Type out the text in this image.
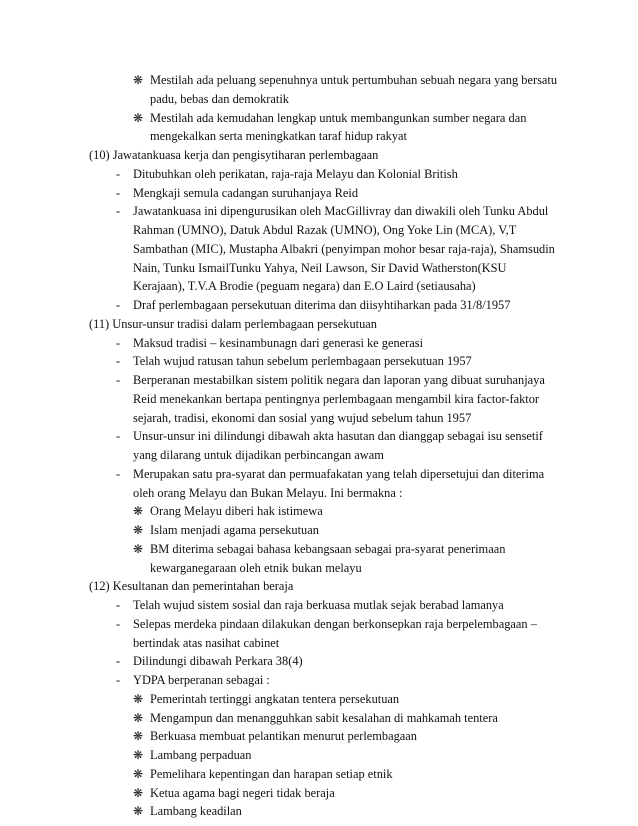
❋ Mestilah ada peluang sepenuhnya untuk pertumbuhan sebuah negara yang bersatu
padu, bebas dan demokratik
❋ Mestilah ada kemudahan lengkap untuk membangunkan sumber negara dan
mengekalkan serta meningkatkan taraf hidup rakyat
(10) Jawatankuasa kerja dan pengisytiharan perlembagaan
- Ditubuhkan oleh perikatan, raja-raja Melayu dan Kolonial British
- Mengkaji semula cadangan suruhanjaya Reid
- Jawatankuasa ini dipengurusikan oleh MacGillivray dan diwakili oleh Tunku Abdul
Rahman (UMNO), Datuk Abdul Razak (UMNO), Ong Yoke Lin (MCA), V,T
Sambathan (MIC), Mustapha Albakri (penyimpan mohor besar raja-raja), Shamsudin
Nain, Tunku IsmailTunku Yahya, Neil Lawson, Sir David Watherston(KSU
Kerajaan), T.V.A Brodie (peguam negara) dan E.O Laird (setiausaha)
- Draf perlembagaan persekutuan diterima dan diisyhtiharkan pada 31/8/1957
(11) Unsur-unsur tradisi dalam perlembagaan persekutuan
- Maksud tradisi – kesinambunagn dari generasi ke generasi
- Telah wujud ratusan tahun sebelum perlembagaan persekutuan 1957
- Berperanan mestabilkan sistem politik negara dan laporan yang dibuat suruhanjaya
Reid menekankan bertapa pentingnya perlembagaan mengambil kira factor-faktor
sejarah, tradisi, ekonomi dan sosial yang wujud sebelum tahun 1957
- Unsur-unsur ini dilindungi dibawah akta hasutan dan dianggap sebagai isu sensetif
yang dilarang untuk dijadikan perbincangan awam
- Merupakan satu pra-syarat dan permuafakatan yang telah dipersetujui dan diterima
oleh orang Melayu dan Bukan Melayu. Ini bermakna :
❋ Orang Melayu diberi hak istimewa
❋ Islam menjadi agama persekutuan
❋ BM diterima sebagai bahasa kebangsaan sebagai pra-syarat penerimaan
kewarganegaraan oleh etnik bukan melayu
(12) Kesultanan dan pemerintahan beraja
- Telah wujud sistem sosial dan raja berkuasa mutlak sejak berabad lamanya
- Selepas merdeka pindaan dilakukan dengan berkonsepkan raja berpelembagaan –
bertindak atas nasihat cabinet
- Dilindungi dibawah Perkara 38(4)
- YDPA berperanan sebagai :
❋ Pemerintah tertinggi angkatan tentera persekutuan
❋ Mengampun dan menangguhkan sabit kesalahan di mahkamah tentera
❋ Berkuasa membuat pelantikan menurut perlembagaan
❋ Lambang perpaduan
❋ Pemelihara kepentingan dan harapan setiap etnik
❋ Ketua agama bagi negeri tidak beraja
❋ Lambang keadilan
